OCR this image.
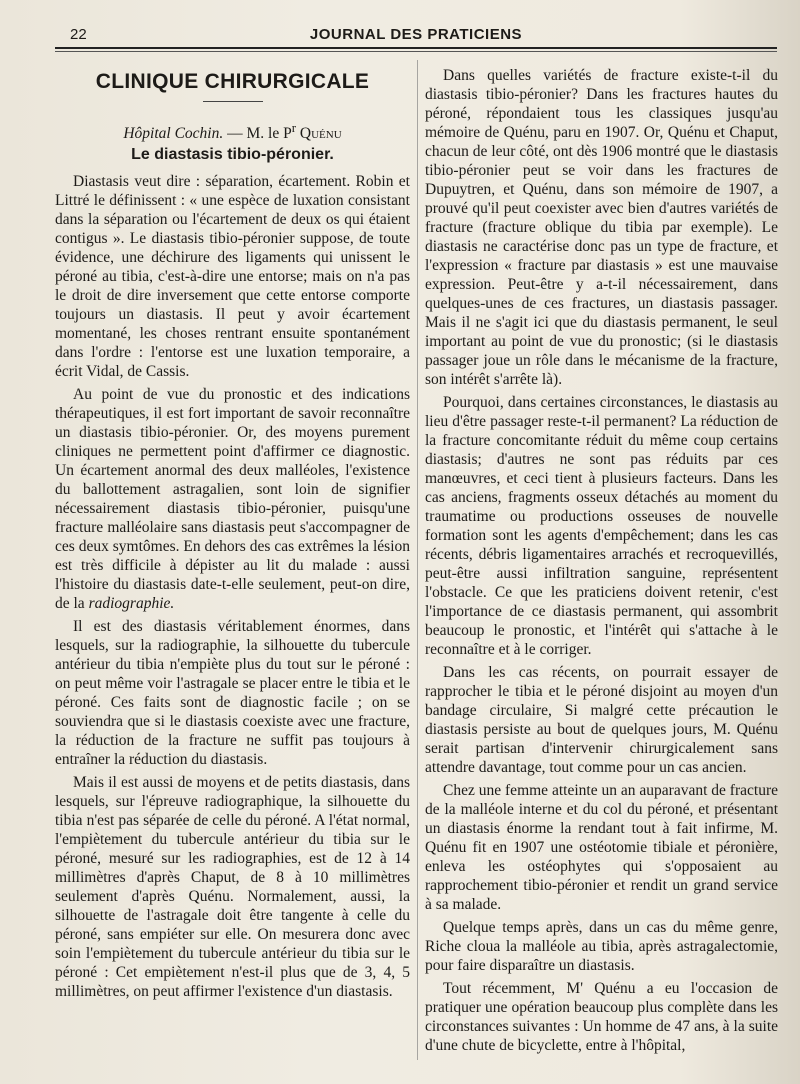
22	JOURNAL DES PRATICIENS
CLINIQUE CHIRURGICALE

Hôpital Cochin. — M. le $P^r$ Quénu

Le diastasis tibio-péronier.

Diastasis veut dire : séparation, écartement. Robin et Littré le définissent : « une espèce de luxation consistant dans la séparation ou l'écartement de deux os qui étaient contigus ». Le diastasis tibio-péronier suppose, de toute évidence, une déchirure des ligaments qui unissent le péroné au tibia, c'est-à-dire une entorse; mais on n'a pas le droit de dire inversement que cette entorse comporte toujours un diastasis. Il peut y avoir écartement momentané, les choses rentrant ensuite spontanément dans l'ordre : l'entorse est une luxation temporaire, a écrit Vidal, de Cassis.

Au point de vue du pronostic et des indications thérapeutiques, il est fort important de savoir reconnaître un diastasis tibio-péronier. Or, des moyens purement cliniques ne permettent point d'affirmer ce diagnostic. Un écartement anormal des deux malléoles, l'existence du ballottement astragalien, sont loin de signifier nécessairement diastasis tibio-péronier, puisqu'une fracture malléolaire sans diastasis peut s'accompagner de ces deux symtômes. En dehors des cas extrêmes la lésion est très difficile à dépister au lit du malade : aussi l'histoire du diastasis date-t-elle seulement, peut-on dire, de la radiographie.

Il est des diastasis véritablement énormes, dans lesquels, sur la radiographie, la silhouette du tubercule antérieur du tibia n'empiète plus du tout sur le péroné : on peut même voir l'astragale se placer entre le tibia et le péroné. Ces faits sont de diagnostic facile ; on se souviendra que si le diastasis coexiste avec une fracture, la réduction de la fracture ne suffit pas toujours à entraîner la réduction du diastasis.

Mais il est aussi de moyens et de petits diastasis, dans lesquels, sur l'épreuve radiographique, la silhouette du tibia n'est pas séparée de celle du péroné. A l'état normal, l'empiètement du tubercule antérieur du tibia sur le péroné, mesuré sur les radiographies, est de 12 à 14 millimètres d'après Chaput, de 8 à 10 millimètres seulement d'après Quénu. Normalement, aussi, la silhouette de l'astragale doit être tangente à celle du péroné, sans empiéter sur elle. On mesurera donc avec soin l'empiètement du tubercule antérieur du tibia sur le péroné : Cet empiètement n'est-il plus que de 3, 4, 5 millimètres, on peut affirmer l'existence d'un diastasis.

Dans quelles variétés de fracture existe-t-il du diastasis tibio-péronier? Dans les fractures hautes du péroné, répondaient tous les classiques jusqu'au mémoire de Quénu, paru en 1907. Or, Quénu et Chaput, chacun de leur côté, ont dès 1906 montré que le diastasis tibio-péronier peut se voir dans les fractures de Dupuytren, et Quénu, dans son mémoire de 1907, a prouvé qu'il peut coexister avec bien d'autres variétés de fracture (fracture oblique du tibia par exemple). Le diastasis ne caractérise donc pas un type de fracture, et l'expression « fracture par diastasis » est une mauvaise expression. Peut-être y a-t-il nécessairement, dans quelques-unes de ces fractures, un diastasis passager. Mais il ne s'agit ici que du diastasis permanent, le seul important au point de vue du pronostic; (si le diastasis passager joue un rôle dans le mécanisme de la fracture, son intérêt s'arrête là).

Pourquoi, dans certaines circonstances, le diastasis au lieu d'être passager reste-t-il permanent? La réduction de la fracture concomitante réduit du même coup certains diastasis; d'autres ne sont pas réduits par ces manœuvres, et ceci tient à plusieurs facteurs. Dans les cas anciens, fragments osseux détachés au moment du traumatime ou productions osseuses de nouvelle formation sont les agents d'empêchement; dans les cas récents, débris ligamentaires arrachés et recroquevillés, peut-être aussi infiltration sanguine, représentent l'obstacle. Ce que les praticiens doivent retenir, c'est l'importance de ce diastasis permanent, qui assombrit beaucoup le pronostic, et l'intérêt qui s'attache à le reconnaître et à le corriger.

Dans les cas récents, on pourrait essayer de rapprocher le tibia et le péroné disjoint au moyen d'un bandage circulaire, Si malgré cette précaution le diastasis persiste au bout de quelques jours, M. Quénu serait partisan d'intervenir chirurgicalement sans attendre davantage, tout comme pour un cas ancien.

Chez une femme atteinte un an auparavant de fracture de la malléole interne et du col du péroné, et présentant un diastasis énorme la rendant tout à fait infirme, M. Quénu fit en 1907 une ostéotomie tibiale et péronière, enleva les ostéophytes qui s'opposaient au rapprochement tibio-péronier et rendit un grand service à sa malade.

Quelque temps après, dans un cas du même genre, Riche cloua la malléole au tibia, après astragalectomie, pour faire disparaître un diastasis.

Tout récemment, M' Quénu a eu l'occasion de pratiquer une opération beaucoup plus complète dans les circonstances suivantes : Un homme de 47 ans, à la suite d'une chute de bicyclette, entre à l'hôpital,
